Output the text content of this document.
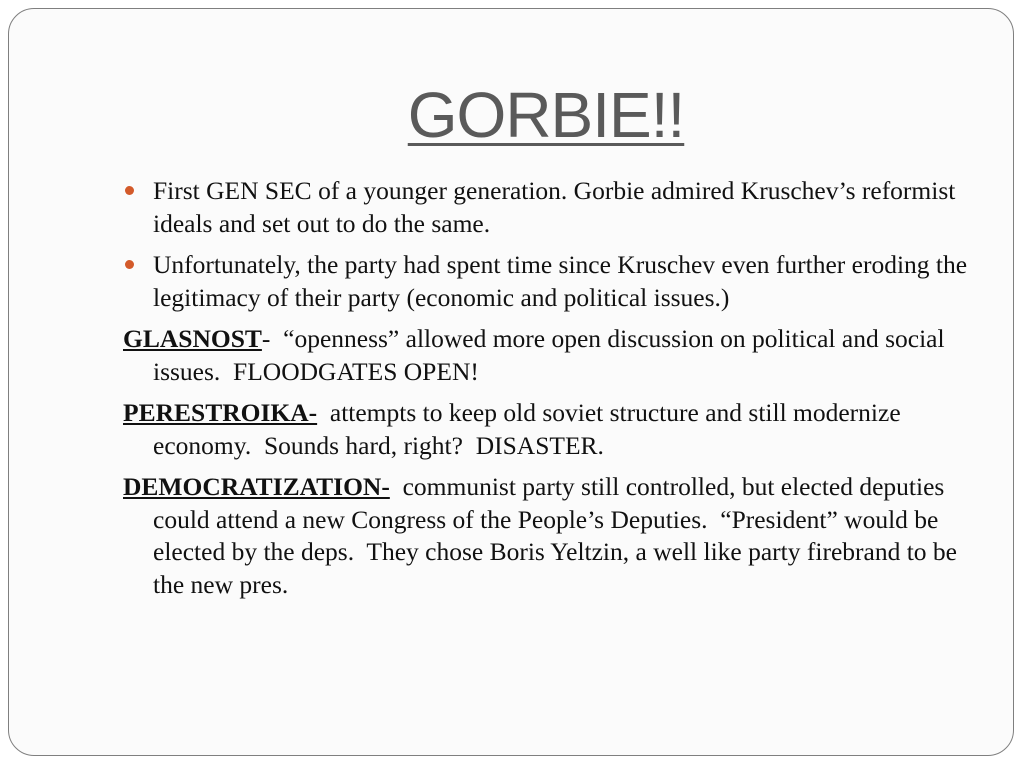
GORBIE!!
First GEN SEC of a younger generation. Gorbie admired Kruschev’s reformist ideals and set out to do the same.
Unfortunately, the party had spent time since Kruschev even further eroding the legitimacy of their party (economic and political issues.)
GLASNOST-  “openness” allowed more open discussion on political and social issues.  FLOODGATES OPEN!
PERESTROIKA-  attempts to keep old soviet structure and still modernize economy.  Sounds hard, right?  DISASTER.
DEMOCRATIZATION-  communist party still controlled, but elected deputies could attend a new Congress of the People’s Deputies.  “President” would be elected by the deps.  They chose Boris Yeltzin, a well like party firebrand to be the new pres.
